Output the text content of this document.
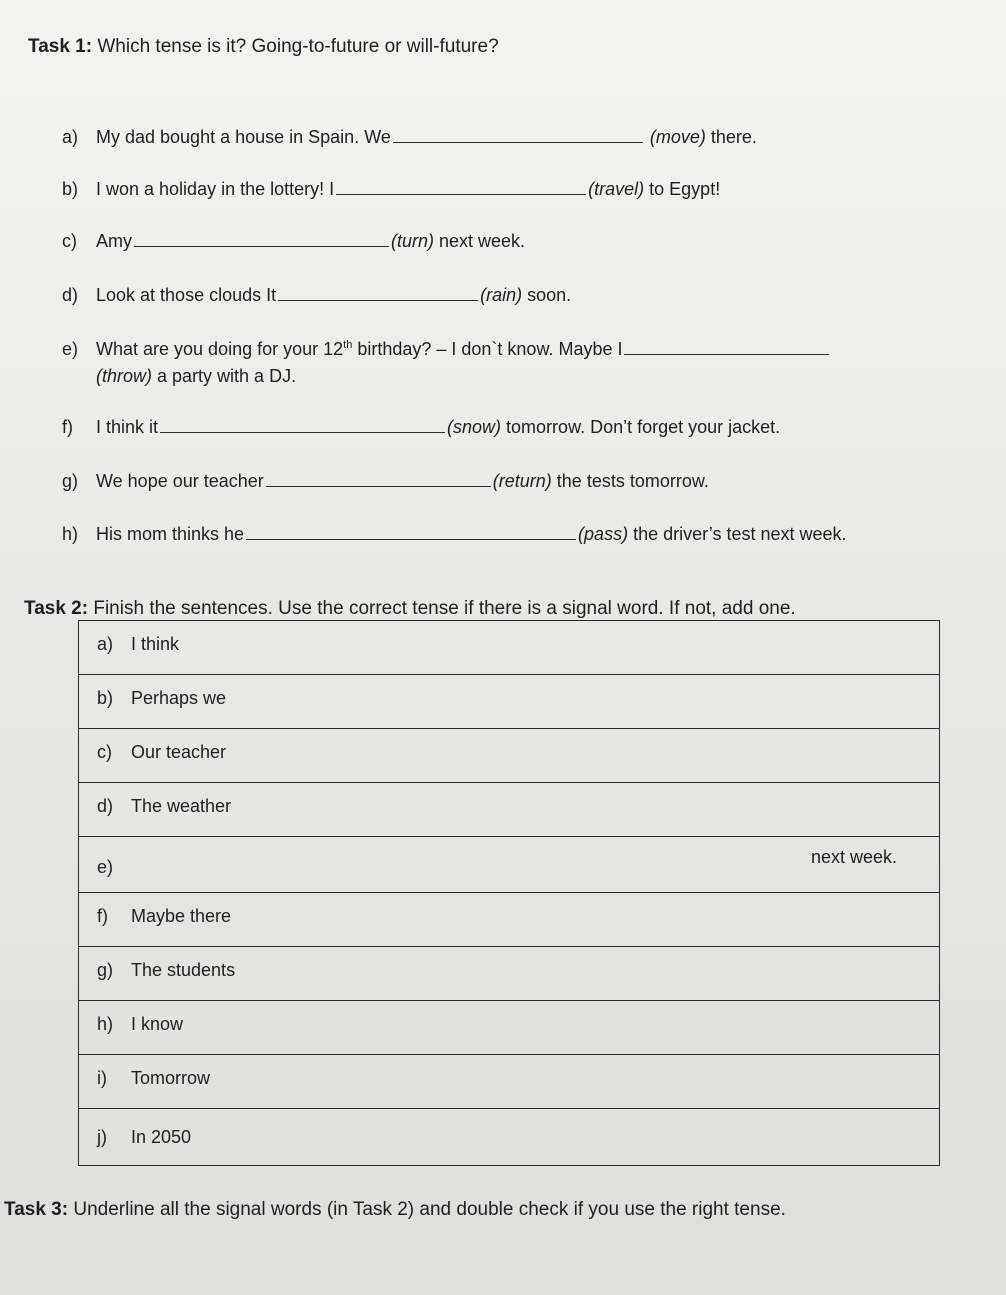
Task 1: Which tense is it? Going-to-future or will-future?
a) My dad bought a house in Spain. We	(move) there.
b) I won a holiday in the lottery! I	(travel) to Egypt!
c) Amy	(turn) next week.
d) Look at those clouds It	(rain) soon.
e) What are you doing for your 12th birthday? – I don`t know. Maybe I
(throw) a party with a DJ.
f) I think it	(snow) tomorrow. Don’t forget your jacket.
g) We hope our teacher	(return) the tests tomorrow.
h) His mom thinks he	(pass) the driver’s test next week.
Task 2: Finish the sentences. Use the correct tense if there is a signal word. If not, add one.
a) I think
b) Perhaps we
c) Our teacher
d) The weather
e)	next week.
f) Maybe there
g) The students
h) I know
i) Tomorrow
j) In 2050
Task 3: Underline all the signal words (in Task 2) and double check if you use the right tense.
